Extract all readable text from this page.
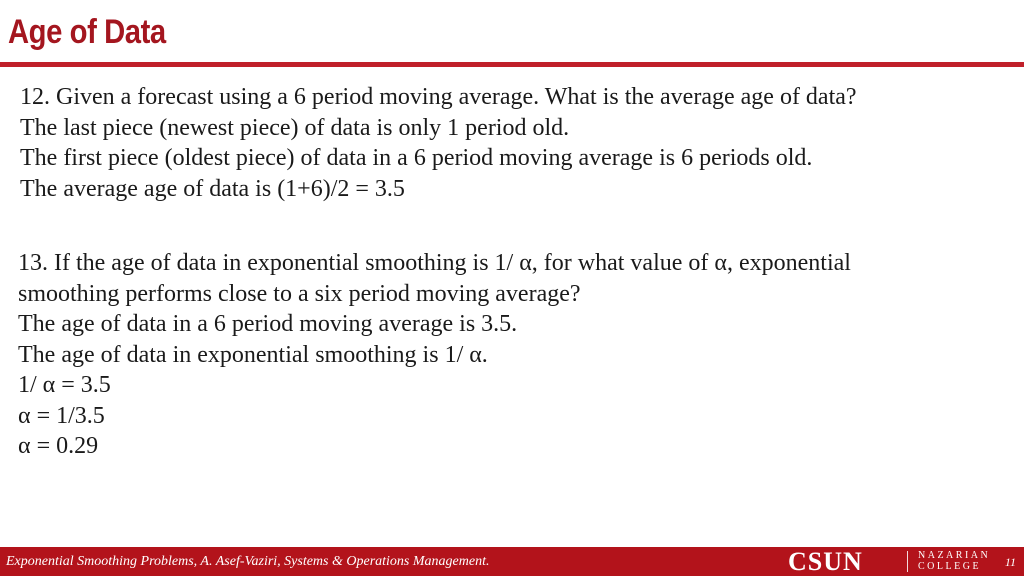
Age of Data
12. Given a forecast using a 6 period moving average. What is the average age of data?
The last piece (newest piece) of data is only 1 period old.
The first piece (oldest piece) of data in a 6 period moving average is 6 periods old.
The average age of data is (1+6)/2 = 3.5
13. If the age of data in exponential smoothing is 1/ α, for what value of α, exponential
smoothing performs close to a six period moving average?
The age of data in a 6 period moving average is 3.5.
The age of data in exponential smoothing is 1/ α.
1/ α = 3.5
α = 1/3.5
α = 0.29
Exponential Smoothing Problems, A. Asef-Vaziri, Systems & Operations Management.	CSUN	NAZARIAN
COLLEGE	11
